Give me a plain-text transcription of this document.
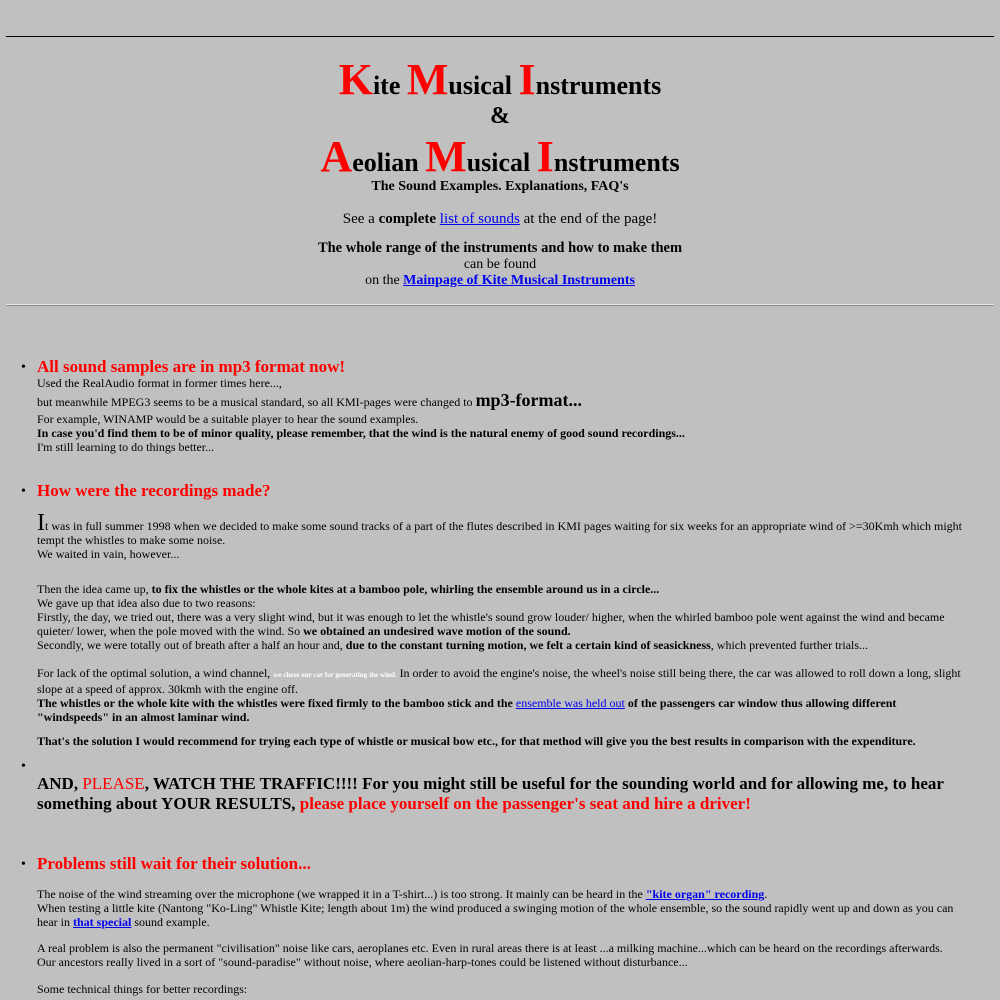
Kite Musical Instruments
&
Aeolian Musical Instruments
The Sound Examples. Explanations, FAQ's
See a complete list of sounds at the end of the page!
The whole range of the instruments and how to make them
can be found
on the Mainpage of Kite Musical Instruments
• All sound samples are in mp3 format now!
Used the RealAudio format in former times here...,
but meanwhile MPEG3 seems to be a musical standard, so all KMI-pages were changed to mp3-format...
For example, WINAMP would be a suitable player to hear the sound examples.
In case you'd find them to be of minor quality, please remember, that the wind is the natural enemy of good sound recordings...
I'm still learning to do things better...
• How were the recordings made?
It was in full summer 1998 when we decided to make some sound tracks of a part of the flutes described in KMI pages waiting for six weeks for an appropriate wind of >=30Kmh which might tempt the whistles to make some noise.
We waited in vain, however...
Then the idea came up, to fix the whistles or the whole kites at a bamboo pole, whirling the ensemble around us in a circle...
We gave up that idea also due to two reasons:
Firstly, the day, we tried out, there was a very slight wind, but it was enough to let the whistle's sound grow louder/ higher, when the whirled bamboo pole went against the wind and became quieter/ lower, when the pole moved with the wind. So we obtained an undesired wave motion of the sound.
Secondly, we were totally out of breath after a half an hour and, due to the constant turning motion, we felt a certain kind of seasickness, which prevented further trials...
For lack of the optimal solution, a wind channel, we chose our car for generating the wind. In order to avoid the engine's noise, the wheel's noise still being there, the car was allowed to roll down a long, slight slope at a speed of approx. 30kmh with the engine off.
The whistles or the whole kite with the whistles were fixed firmly to the bamboo stick and the ensemble was held out of the passengers car window thus allowing different "windspeeds" in an almost laminar wind.
That's the solution I would recommend for trying each type of whistle or musical bow etc., for that method will give you the best results in comparison with the expenditure.
•
AND, PLEASE, WATCH THE TRAFFIC!!!! For you might still be useful for the sounding world and for allowing me, to hear something about YOUR RESULTS, please place yourself on the passenger's seat and hire a driver!
• Problems still wait for their solution...
The noise of the wind streaming over the microphone (we wrapped it in a T-shirt...) is too strong. It mainly can be heard in the "kite organ" recording.
When testing a little kite (Nantong "Ko-Ling" Whistle Kite; length about 1m) the wind produced a swinging motion of the whole ensemble, so the sound rapidly went up and down as you can hear in that special sound example.
A real problem is also the permanent "civilisation" noise like cars, aeroplanes etc. Even in rural areas there is at least ...a milking machine...which can be heard on the recordings afterwards. Our ancestors really lived in a sort of "sound-paradise" without noise, where aeolian-harp-tones could be listened without disturbance...
Some technical things for better recordings:
